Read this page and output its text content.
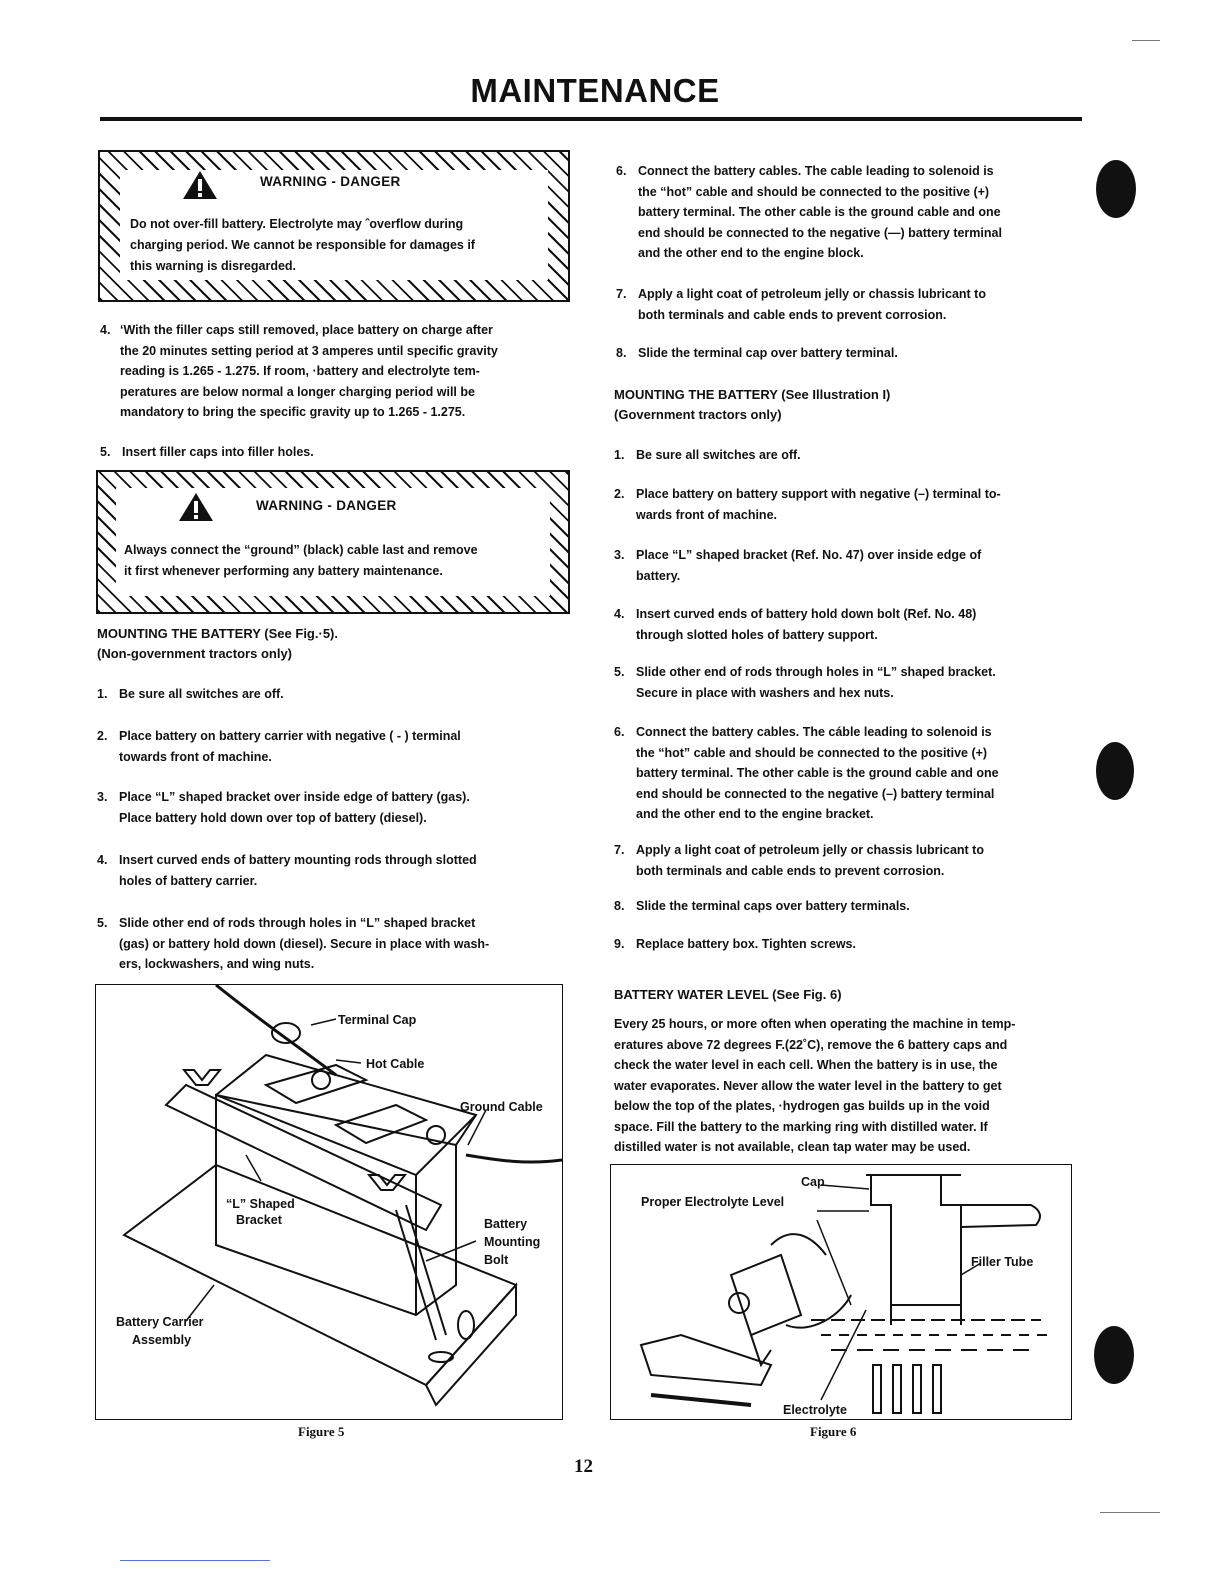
MAINTENANCE
WARNING - DANGER
Do not over-fill battery. Electrolyte may ˆoverflow during
charging period. We cannot be responsible for damages if
this warning is disregarded.
4. ‘With the filler caps still removed, place battery on charge after
the 20 minutes setting period at 3 amperes until specific gravity
reading is 1.265 - 1.275. If room, ·battery and electrolyte tem-
peratures are below normal a longer charging period will be
mandatory to bring the specific gravity up to 1.265 - 1.275.
5. Insert filler caps into filler holes.
WARNING - DANGER
Always connect the “ground” (black) cable last and remove
it first whenever performing any battery maintenance.
MOUNTING THE BATTERY (See Fig.·5).
(Non-government tractors only)
1. Be sure all switches are off.
2. Place battery on battery carrier with negative ( - ) terminal
towards front of machine.
3. Place “L” shaped bracket over inside edge of battery (gas).
Place battery hold down over top of battery (diesel).
4. Insert curved ends of battery mounting rods through slotted
holes of battery carrier.
5. Slide other end of rods through holes in “L” shaped bracket
(gas) or battery hold down (diesel). Secure in place with wash-
ers, lockwashers, and wing nuts.
Terminal Cap
Hot Cable
Ground Cable
“L” Shaped
Bracket	Battery
Mounting
Bolt
Battery Carrier
Assembly
Figure 5
6. Connect the battery cables. The cable leading to solenoid is
the “hot” cable and should be connected to the positive (+)
battery terminal. The other cable is the ground cable and one
end should be connected to the negative (—) battery terminal
and the other end to the engine block.
7. Apply a light coat of petroleum jelly or chassis lubricant to
both terminals and cable ends to prevent corrosion.
8. Slide the terminal cap over battery terminal.
MOUNTING THE BATTERY (See Illustration I)
(Government tractors only)
1. Be sure all switches are off.
2. Place battery on battery support with negative (–) terminal to-
wards front of machine.
3. Place “L” shaped bracket (Ref. No. 47) over inside edge of
battery.
4. Insert curved ends of battery hold down bolt (Ref. No. 48)
through slotted holes of battery support.
5. Slide other end of rods through holes in “L” shaped bracket.
Secure in place with washers and hex nuts.
6. Connect the battery cables. The cáble leading to solenoid is
the “hot” cable and should be connected to the positive (+)
battery terminal. The other cable is the ground cable and one
end should be connected to the negative (–) battery terminal
and the other end to the engine bracket.
7. Apply a light coat of petroleum jelly or chassis lubricant to
both terminals and cable ends to prevent corrosion.
8. Slide the terminal caps over battery terminals.
9. Replace battery box. Tighten screws.
BATTERY WATER LEVEL (See Fig. 6)
Every 25 hours, or more often when operating the machine in temp-
eratures above 72 degrees F.(22˚C), remove the 6 battery caps and
check the water level in each cell. When the battery is in use, the
water evaporates. Never allow the water level in the battery to get
below the top of the plates, ·hydrogen gas builds up in the void
space. Fill the battery to the marking ring with distilled water. If
distilled water is not available, clean tap water may be used.
Cap
Proper Electrolyte Level
Filler Tube
Electrolyte
Figure 6
12
